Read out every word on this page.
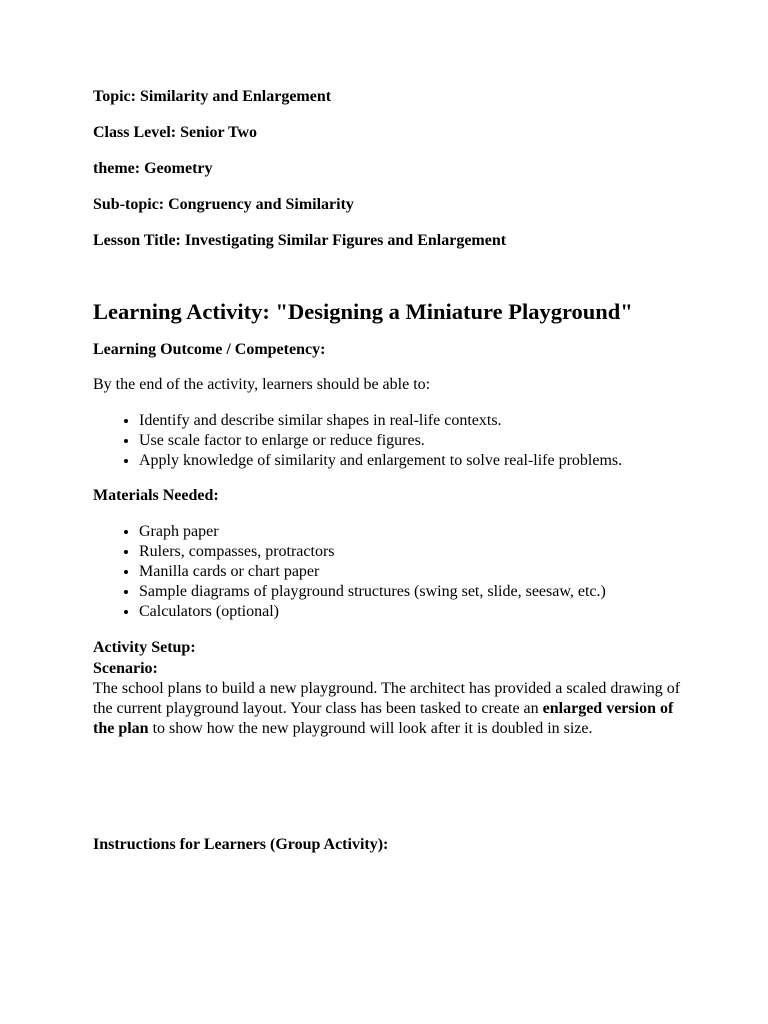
Topic: Similarity and Enlargement

Class Level: Senior Two

theme: Geometry

Sub-topic: Congruency and Similarity

Lesson Title: Investigating Similar Figures and Enlargement

Learning Activity: "Designing a Miniature Playground"
Learning Outcome / Competency:

By the end of the activity, learners should be able to:

• Identify and describe similar shapes in real-life contexts.
• Use scale factor to enlarge or reduce figures.
• Apply knowledge of similarity and enlargement to solve real-life problems.
Materials Needed:
• Graph paper
• Rulers, compasses, protractors
• Manilla cards or chart paper
• Sample diagrams of playground structures (swing set, slide, seesaw, etc.)
• Calculators (optional)
Activity Setup:
Scenario:
The school plans to build a new playground. The architect has provided a scaled drawing of the current playground layout. Your class has been tasked to create an enlarged version of the plan to show how the new playground will look after it is doubled in size.
Instructions for Learners (Group Activity):
